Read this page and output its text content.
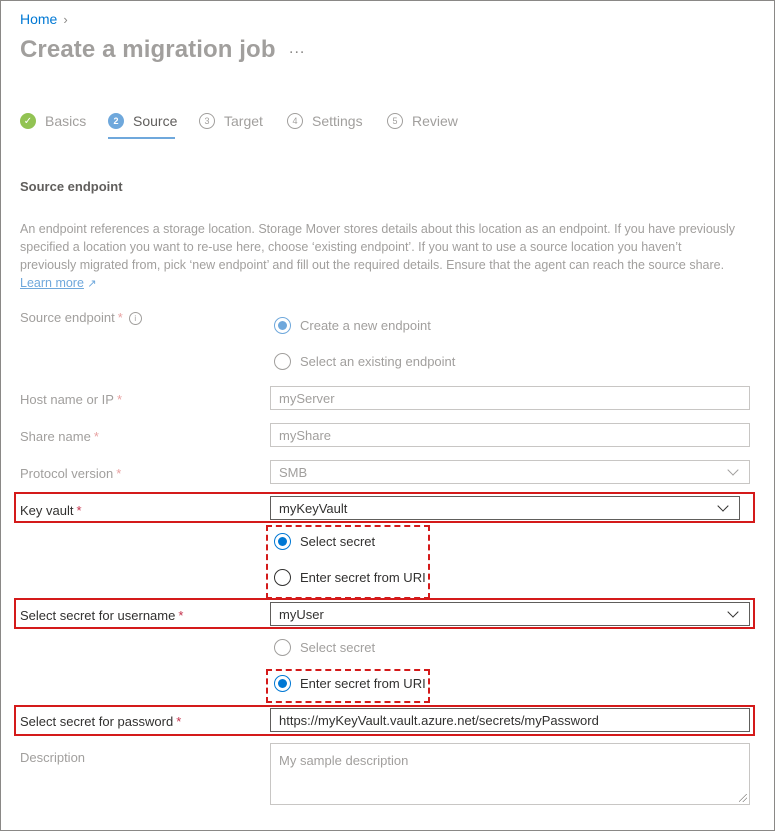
Home ›
Create a migration job ...
✓ Basics	2	Source	3	Target	4	Settings	5	Review
Source endpoint
An endpoint references a storage location. Storage Mover stores details about this location as an endpoint. If you have previously specified a location you want to re-use here, choose ‘existing endpoint’. If you want to use a source location you haven’t previously migrated from, pick ‘new endpoint’ and fill out the required details. Ensure that the agent can reach the source share. Learn more ↗
Source endpoint * i	Create a new endpoint
Select an existing endpoint
Host name or IP *	myServer
Share name *	myShare
Protocol version *	SMB
Key vault *	myKeyVault
Select secret
Enter secret from URI
Select secret for username *	myUser
Select secret
Enter secret from URI
Select secret for password *	https://myKeyVault.vault.azure.net/secrets/myPassword
Description	My sample description
